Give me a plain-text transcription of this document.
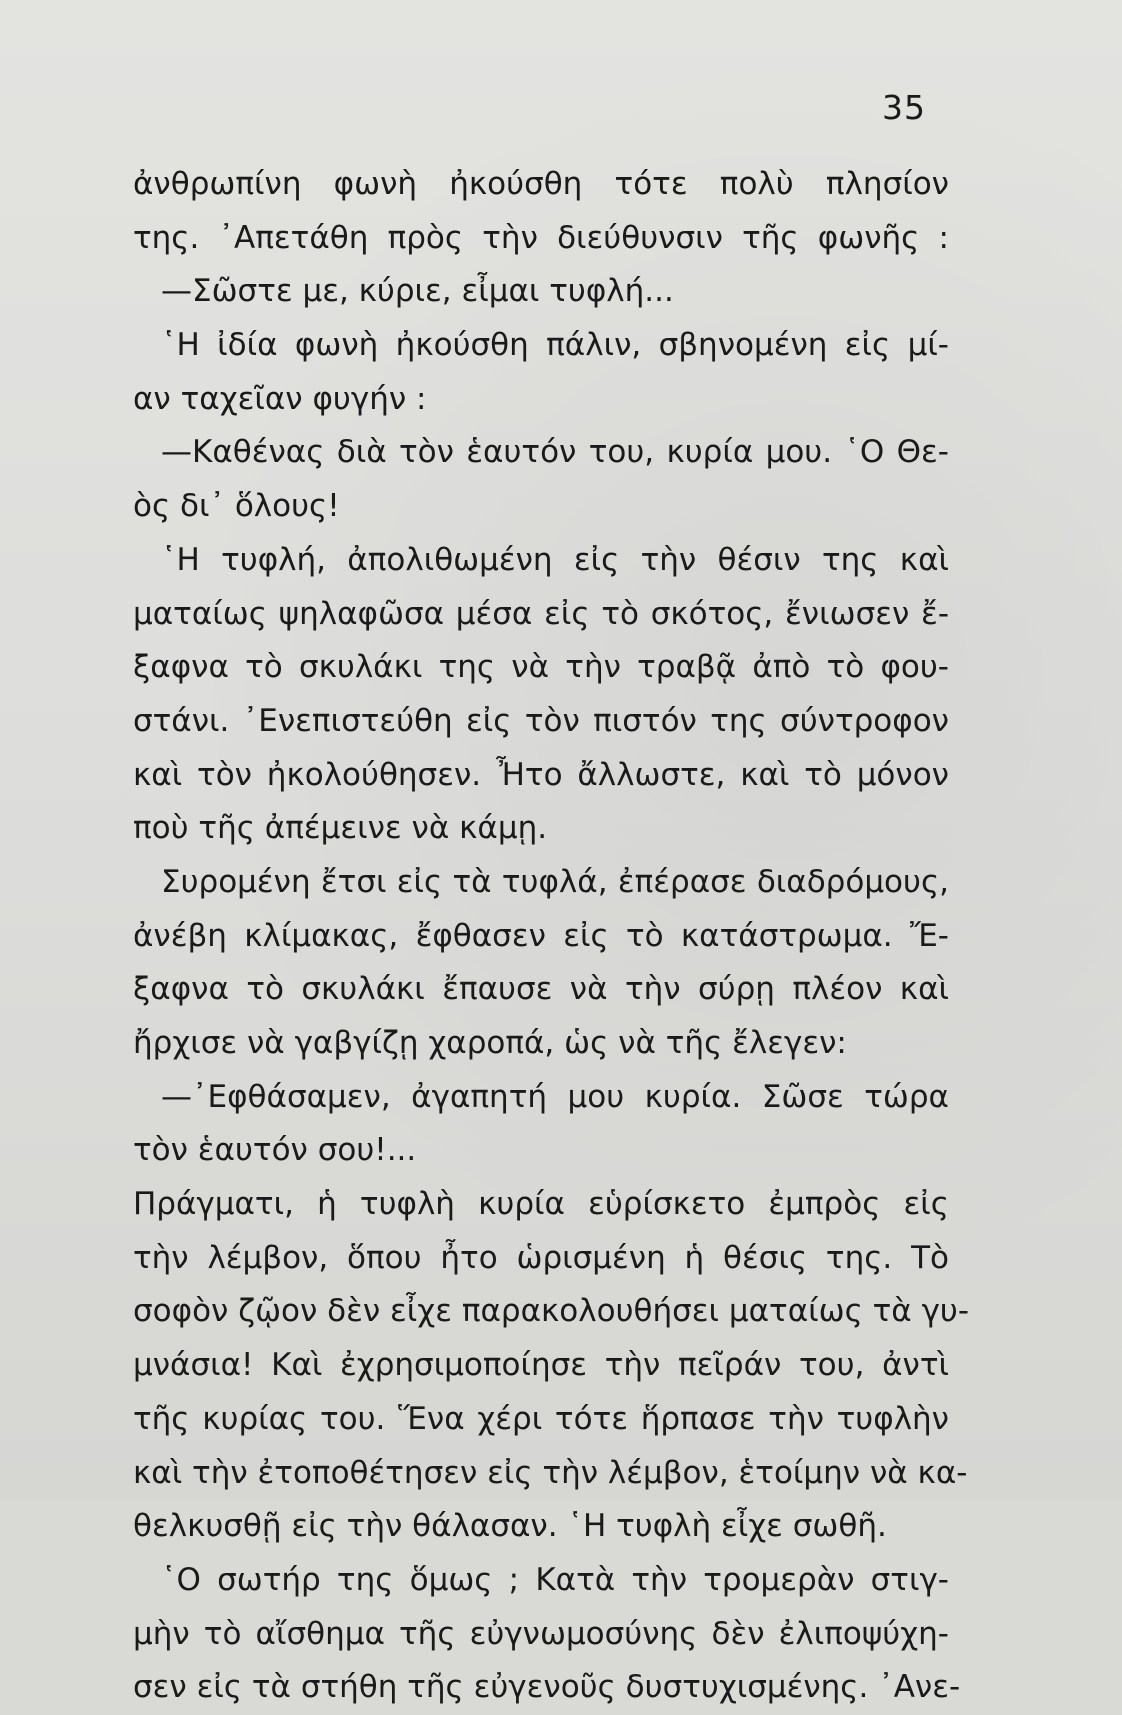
35
ἀνθρωπίνη φωνὴ ἠκούσθη τότε πολὺ πλησίον
της. ᾿Απετάθη πρὸς τὴν διεύθυνσιν τῆς φωνῆς :
—Σῶστε με, κύριε, εἶμαι τυφλή...
῾Η ἰδία φωνὴ ἠκούσθη πάλιν, σβηνομένη εἰς μί-
αν ταχεῖαν φυγήν :
—Καθένας διὰ τὸν ἑαυτόν του, κυρία μου. ῾Ο Θε-
ὸς δι᾿ ὅλους!
῾Η τυφλή, ἀπολιθωμένη εἰς τὴν θέσιν της καὶ
ματαίως ψηλαφῶσα μέσα εἰς τὸ σκότος, ἔνιωσεν ἔ-
ξαφνα τὸ σκυλάκι της νὰ τὴν τραβᾷ ἀπὸ τὸ φου-
στάνι. ᾿Ενεπιστεύθη εἰς τὸν πιστόν της σύντροφον
καὶ τὸν ἠκολούθησεν. Ἦτο ἄλλωστε, καὶ τὸ μόνον
ποὺ τῆς ἀπέμεινε νὰ κάμῃ.
Συρομένη ἔτσι εἰς τὰ τυφλά, ἐπέρασε διαδρόμους,
ἀνέβη κλίμακας, ἔφθασεν εἰς τὸ κατάστρωμα. Ἔ-
ξαφνα τὸ σκυλάκι ἔπαυσε νὰ τὴν σύρῃ πλέον καὶ
ἤρχισε νὰ γαβγίζῃ χαροπά, ὡς νὰ τῆς ἔλεγεν:
—᾿Εφθάσαμεν, ἀγαπητή μου κυρία. Σῶσε τώρα
τὸν ἑαυτόν σου!...
Πράγματι, ἡ τυφλὴ κυρία εὑρίσκετο ἐμπρὸς εἰς
τὴν λέμβον, ὅπου ἦτο ὡρισμένη ἡ θέσις της. Τὸ
σοφὸν ζῷον δὲν εἶχε παρακολουθήσει ματαίως τὰ γυ-
μνάσια! Καὶ ἐχρησιμοποίησε τὴν πεῖράν του, ἀντὶ
τῆς κυρίας του. Ἕνα χέρι τότε ἥρπασε τὴν τυφλὴν
καὶ τὴν ἐτοποθέτησεν εἰς τὴν λέμβον, ἑτοίμην νὰ κα-
θελκυσθῇ εἰς τὴν θάλασαν. ῾Η τυφλὴ εἶχε σωθῆ.
῾Ο σωτήρ της ὅμως ; Κατὰ τὴν τρομερὰν στιγ-
μὴν τὸ αἴσθημα τῆς εὐγνωμοσύνης δὲν ἐλιποψύχη-
σεν εἰς τὰ στήθη τῆς εὐγενοῦς δυστυχισμένης. ᾿Ανε-
